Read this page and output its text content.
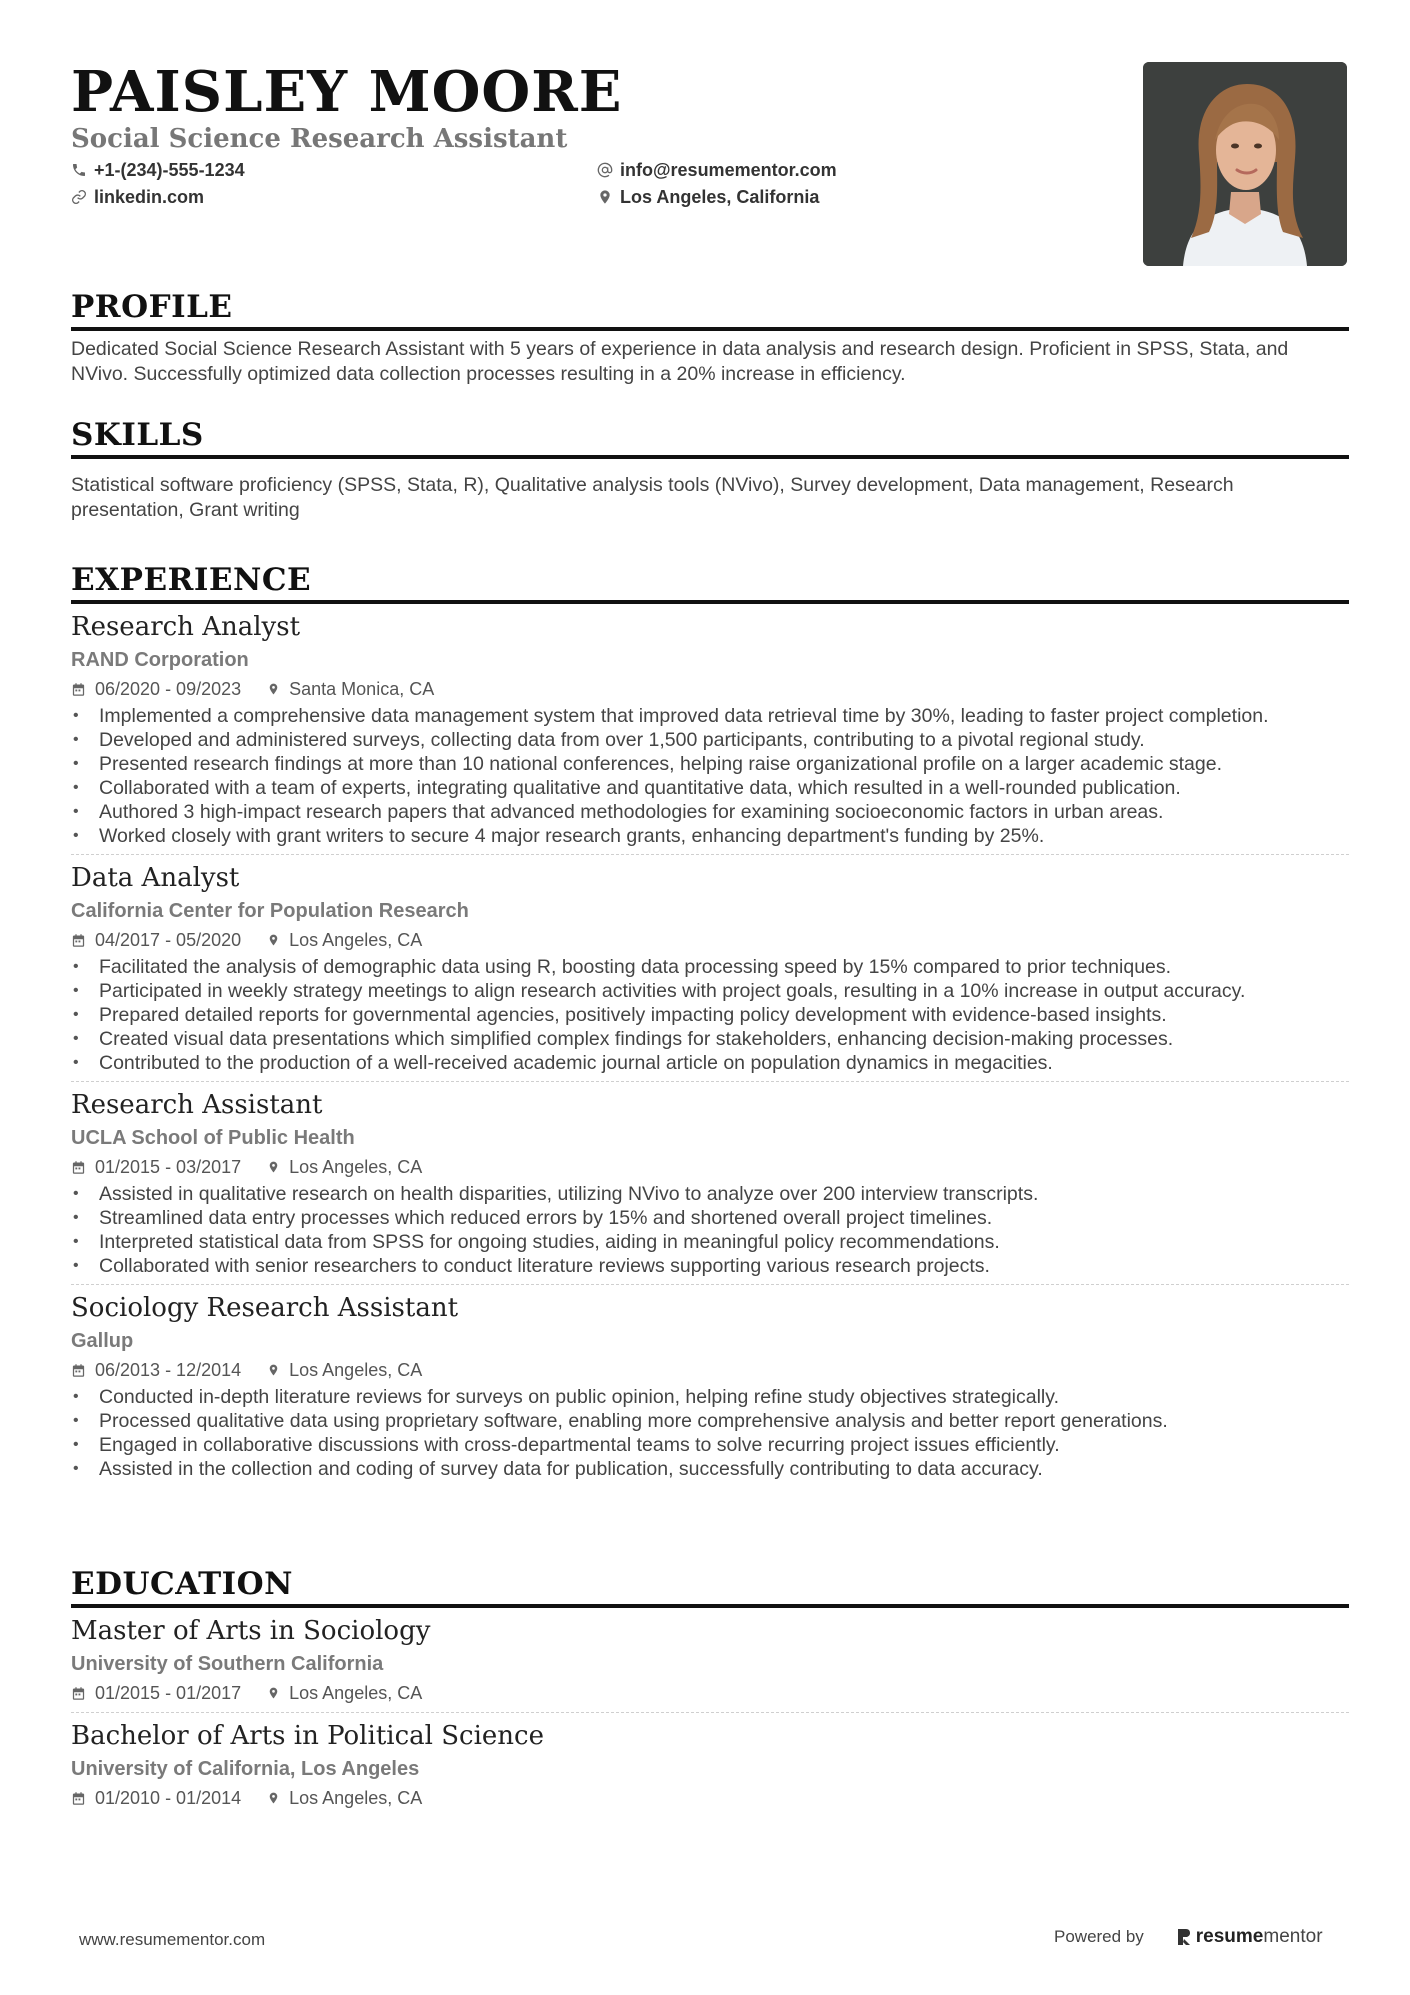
PAISLEY MOORE
Social Science Research Assistant
+1-(234)-555-1234	info@resumementor.com
linkedin.com	Los Angeles, California
PROFILE

Dedicated Social Science Research Assistant with 5 years of experience in data analysis and research design. Proficient in SPSS, Stata, and NVivo. Successfully optimized data collection processes resulting in a 20% increase in efficiency.

SKILLS

Statistical software proficiency (SPSS, Stata, R), Qualitative analysis tools (NVivo), Survey development, Data management, Research presentation, Grant writing

EXPERIENCE
Research Analyst
RAND Corporation
06/2020 - 09/2023	Santa Monica, CA
• Implemented a comprehensive data management system that improved data retrieval time by 30%, leading to faster project completion.
• Developed and administered surveys, collecting data from over 1,500 participants, contributing to a pivotal regional study.
• Presented research findings at more than 10 national conferences, helping raise organizational profile on a larger academic stage.
• Collaborated with a team of experts, integrating qualitative and quantitative data, which resulted in a well-rounded publication.
• Authored 3 high-impact research papers that advanced methodologies for examining socioeconomic factors in urban areas.
• Worked closely with grant writers to secure 4 major research grants, enhancing department's funding by 25%.
Data Analyst
California Center for Population Research
04/2017 - 05/2020	Los Angeles, CA
• Facilitated the analysis of demographic data using R, boosting data processing speed by 15% compared to prior techniques.
• Participated in weekly strategy meetings to align research activities with project goals, resulting in a 10% increase in output accuracy.
• Prepared detailed reports for governmental agencies, positively impacting policy development with evidence-based insights.
• Created visual data presentations which simplified complex findings for stakeholders, enhancing decision-making processes.
• Contributed to the production of a well-received academic journal article on population dynamics in megacities.
Research Assistant
UCLA School of Public Health
01/2015 - 03/2017	Los Angeles, CA
• Assisted in qualitative research on health disparities, utilizing NVivo to analyze over 200 interview transcripts.
• Streamlined data entry processes which reduced errors by 15% and shortened overall project timelines.
• Interpreted statistical data from SPSS for ongoing studies, aiding in meaningful policy recommendations.
• Collaborated with senior researchers to conduct literature reviews supporting various research projects.
Sociology Research Assistant
Gallup
06/2013 - 12/2014	Los Angeles, CA
• Conducted in-depth literature reviews for surveys on public opinion, helping refine study objectives strategically.
• Processed qualitative data using proprietary software, enabling more comprehensive analysis and better report generations.
• Engaged in collaborative discussions with cross-departmental teams to solve recurring project issues efficiently.
• Assisted in the collection and coding of survey data for publication, successfully contributing to data accuracy.
EDUCATION
Master of Arts in Sociology
University of Southern California
01/2015 - 01/2017	Los Angeles, CA
Bachelor of Arts in Political Science
University of California, Los Angeles
01/2010 - 01/2014	Los Angeles, CA
www.resumementor.com	Powered by	resume mentor
